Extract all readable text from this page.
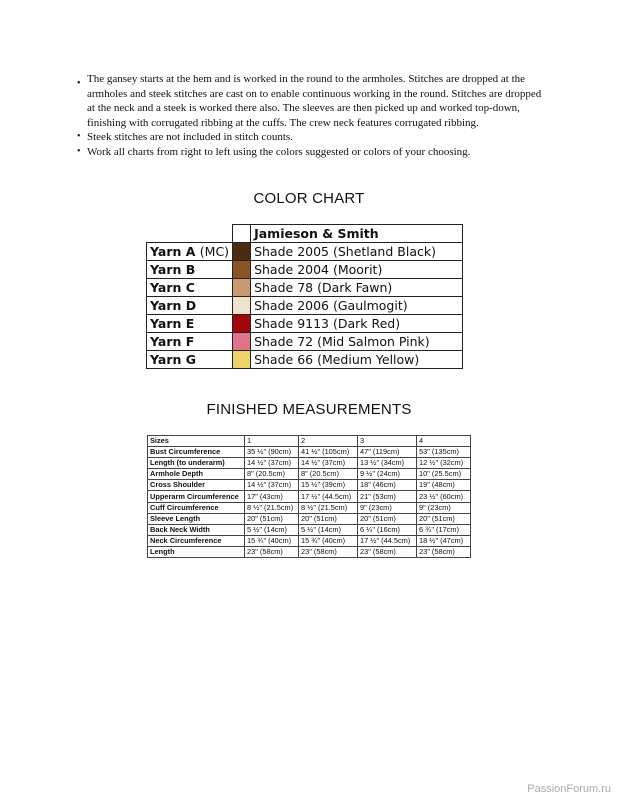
• The gansey starts at the hem and is worked in the round to the armholes. Stitches are dropped at the armholes and steek stitches are cast on to enable continuous working in the round. Stitches are dropped at the neck and a steek is worked there also. The sleeves are then picked up and worked top-down, finishing with corrugated ribbing at the cuffs. The crew neck features corrugated ribbing.
• Steek stitches are not included in stitch counts.
• Work all charts from right to left using the colors suggested or colors of your choosing.
COLOR CHART
		Jamieson & Smith
Yarn A (MC)		Shade 2005 (Shetland Black)
Yarn B		Shade 2004 (Moorit)
Yarn C		Shade 78 (Dark Fawn)
Yarn D		Shade 2006 (Gaulmogit)
Yarn E		Shade 9113 (Dark Red)
Yarn F		Shade 72 (Mid Salmon Pink)
Yarn G		Shade 66 (Medium Yellow)
FINISHED MEASUREMENTS
Sizes	1	2	3	4
Bust Circumference	35 ½" (90cm)	41 ½" (105cm)	47" (119cm)	53" (135cm)
Length (to underarm)	14 ½" (37cm)	14 ½" (37cm)	13 ½" (34cm)	12 ½" (32cm)
Armhole Depth	8" (20.5cm)	8" (20.5cm)	9 ½" (24cm)	10" (25.5cm)
Cross Shoulder	14 ½" (37cm)	15 ½" (39cm)	18" (46cm)	19" (48cm)
Upperarm Circumference	17" (43cm)	17 ½" (44.5cm)	21" (53cm)	23 ½" (60cm)
Cuff Circumference	8 ½" (21.5cm)	8 ½" (21.5cm)	9" (23cm)	9" (23cm)
Sleeve Length	20" (51cm)	20" (51cm)	20" (51cm)	20" (51cm)
Back Neck Width	5 ½" (14cm)	5 ½" (14cm)	6 ¼" (16cm)	6 ¾" (17cm)
Neck Circumference	15 ¾" (40cm)	15 ¾" (40cm)	17 ½" (44.5cm)	18 ½" (47cm)
Length	23" (58cm)	23" (58cm)	23" (58cm)	23" (58cm)
PassionForum.ru
